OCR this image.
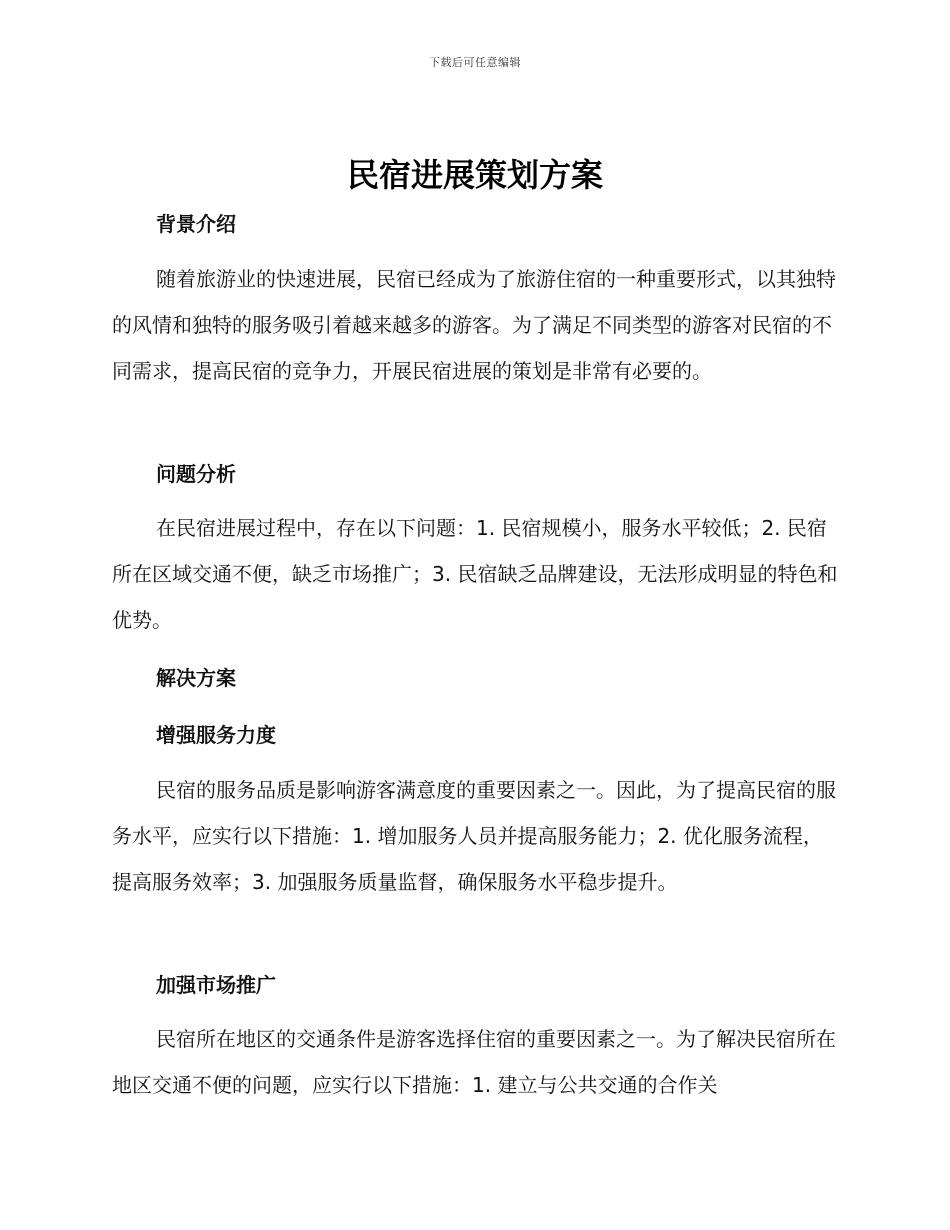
下载后可任意编辑
民宿进展策划方案
背景介绍

随着旅游业的快速进展，民宿已经成为了旅游住宿的一种重要形式，以其独特的风情和独特的服务吸引着越来越多的游客。为了满足不同类型的游客对民宿的不同需求，提高民宿的竞争力，开展民宿进展的策划是非常有必要的。

问题分析

在民宿进展过程中，存在以下问题：1. 民宿规模小，服务水平较低；2. 民宿所在区域交通不便，缺乏市场推广；3. 民宿缺乏品牌建设，无法形成明显的特色和优势。

解决方案
增强服务力度

民宿的服务品质是影响游客满意度的重要因素之一。因此，为了提高民宿的服务水平，应实行以下措施：1. 增加服务人员并提高服务能力；2. 优化服务流程，提高服务效率；3. 加强服务质量监督，确保服务水平稳步提升。

加强市场推广

民宿所在地区的交通条件是游客选择住宿的重要因素之一。为了解决民宿所在地区交通不便的问题，应实行以下措施：1. 建立与公共交通的合作关
